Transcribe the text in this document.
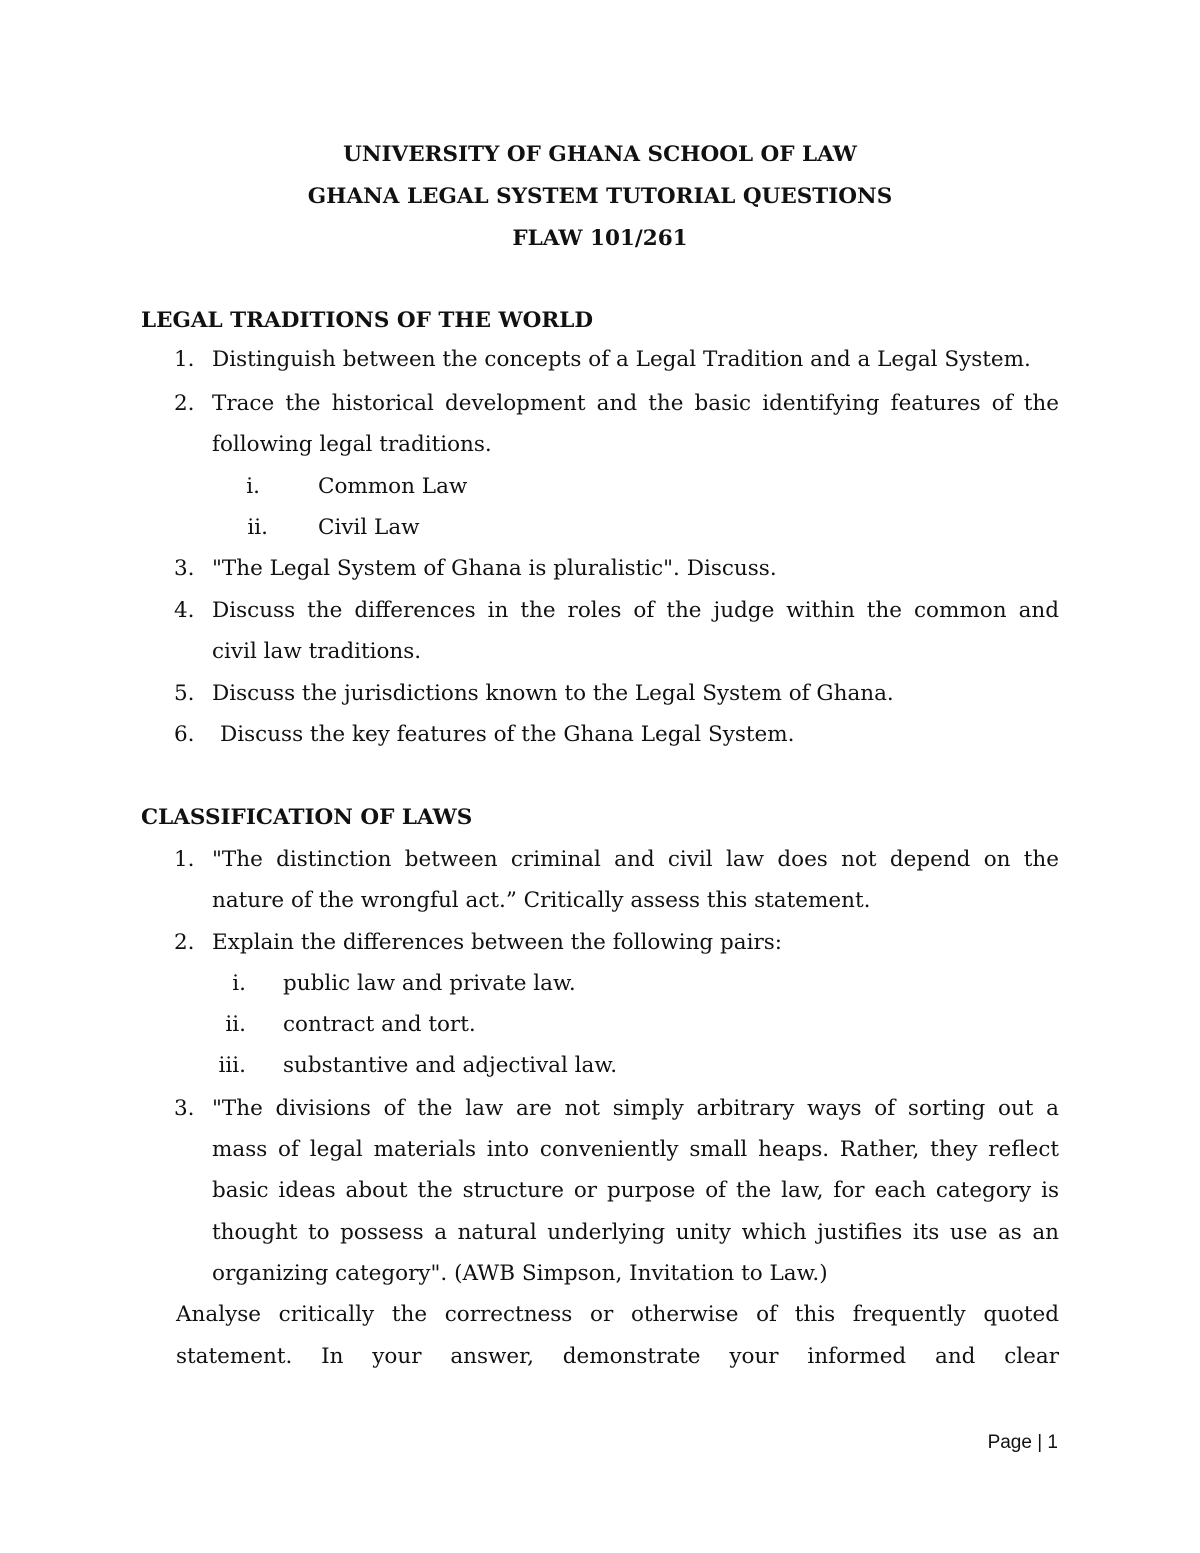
UNIVERSITY OF GHANA SCHOOL OF LAW
GHANA LEGAL SYSTEM TUTORIAL QUESTIONS
FLAW 101/261
LEGAL TRADITIONS OF THE WORLD
1. Distinguish between the concepts of a Legal Tradition and a Legal System.
2. Trace the historical development and the basic identifying features of the
following legal traditions.
i.	Common Law
ii. Civil Law
3. "The Legal System of Ghana is pluralistic". Discuss.
4. Discuss the differences in the roles of the judge within the common and
civil law traditions.
5. Discuss the jurisdictions known to the Legal System of Ghana.
6. Discuss the key features of the Ghana Legal System.
CLASSIFICATION OF LAWS
1. "The distinction between criminal and civil law does not depend on the
nature of the wrongful act.” Critically assess this statement.
2. Explain the differences between the following pairs:
i. public law and private law.
ii. contract and tort.
iii. substantive and adjectival law.
3. "The divisions of the law are not simply arbitrary ways of sorting out a
mass of legal materials into conveniently small heaps. Rather, they reflect
basic ideas about the structure or purpose of the law, for each category is
thought to possess a natural underlying unity which justifies its use as an
organizing category". (AWB Simpson, Invitation to Law.)
Analyse critically the correctness or otherwise of this frequently quoted
statement. In your answer, demonstrate your informed and clear
Page | 1
